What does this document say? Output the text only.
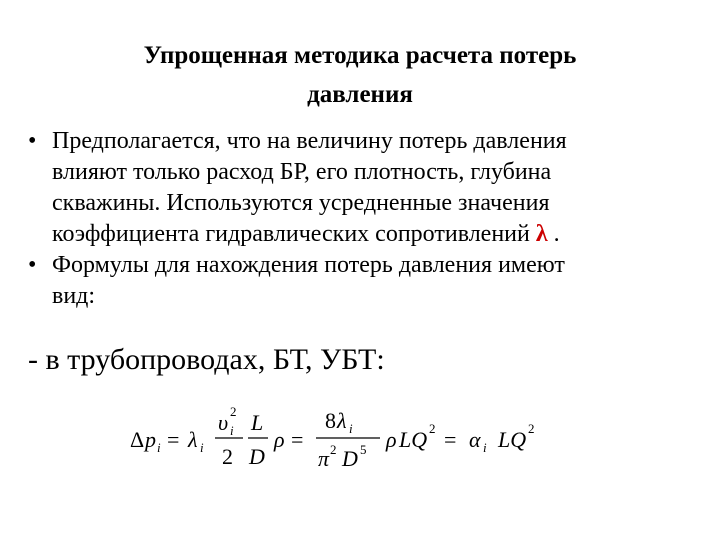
Упрощенная методика расчета потерь
давления
• Предполагается, что на величину потерь давления
влияют только расход БР, его плотность, глубина
скважины. Используются усредненные значения
коэффициента гидравлических сопротивлений λ .
• Формулы для нахождения потерь давления имеют
вид:
- в трубопроводах, БТ, УБТ:
Δ p i = λ i
υ 2
i
2
L
D
ρ =
8 λ i
π 2 D 5 ρ LQ 2 = α i LQ 2
